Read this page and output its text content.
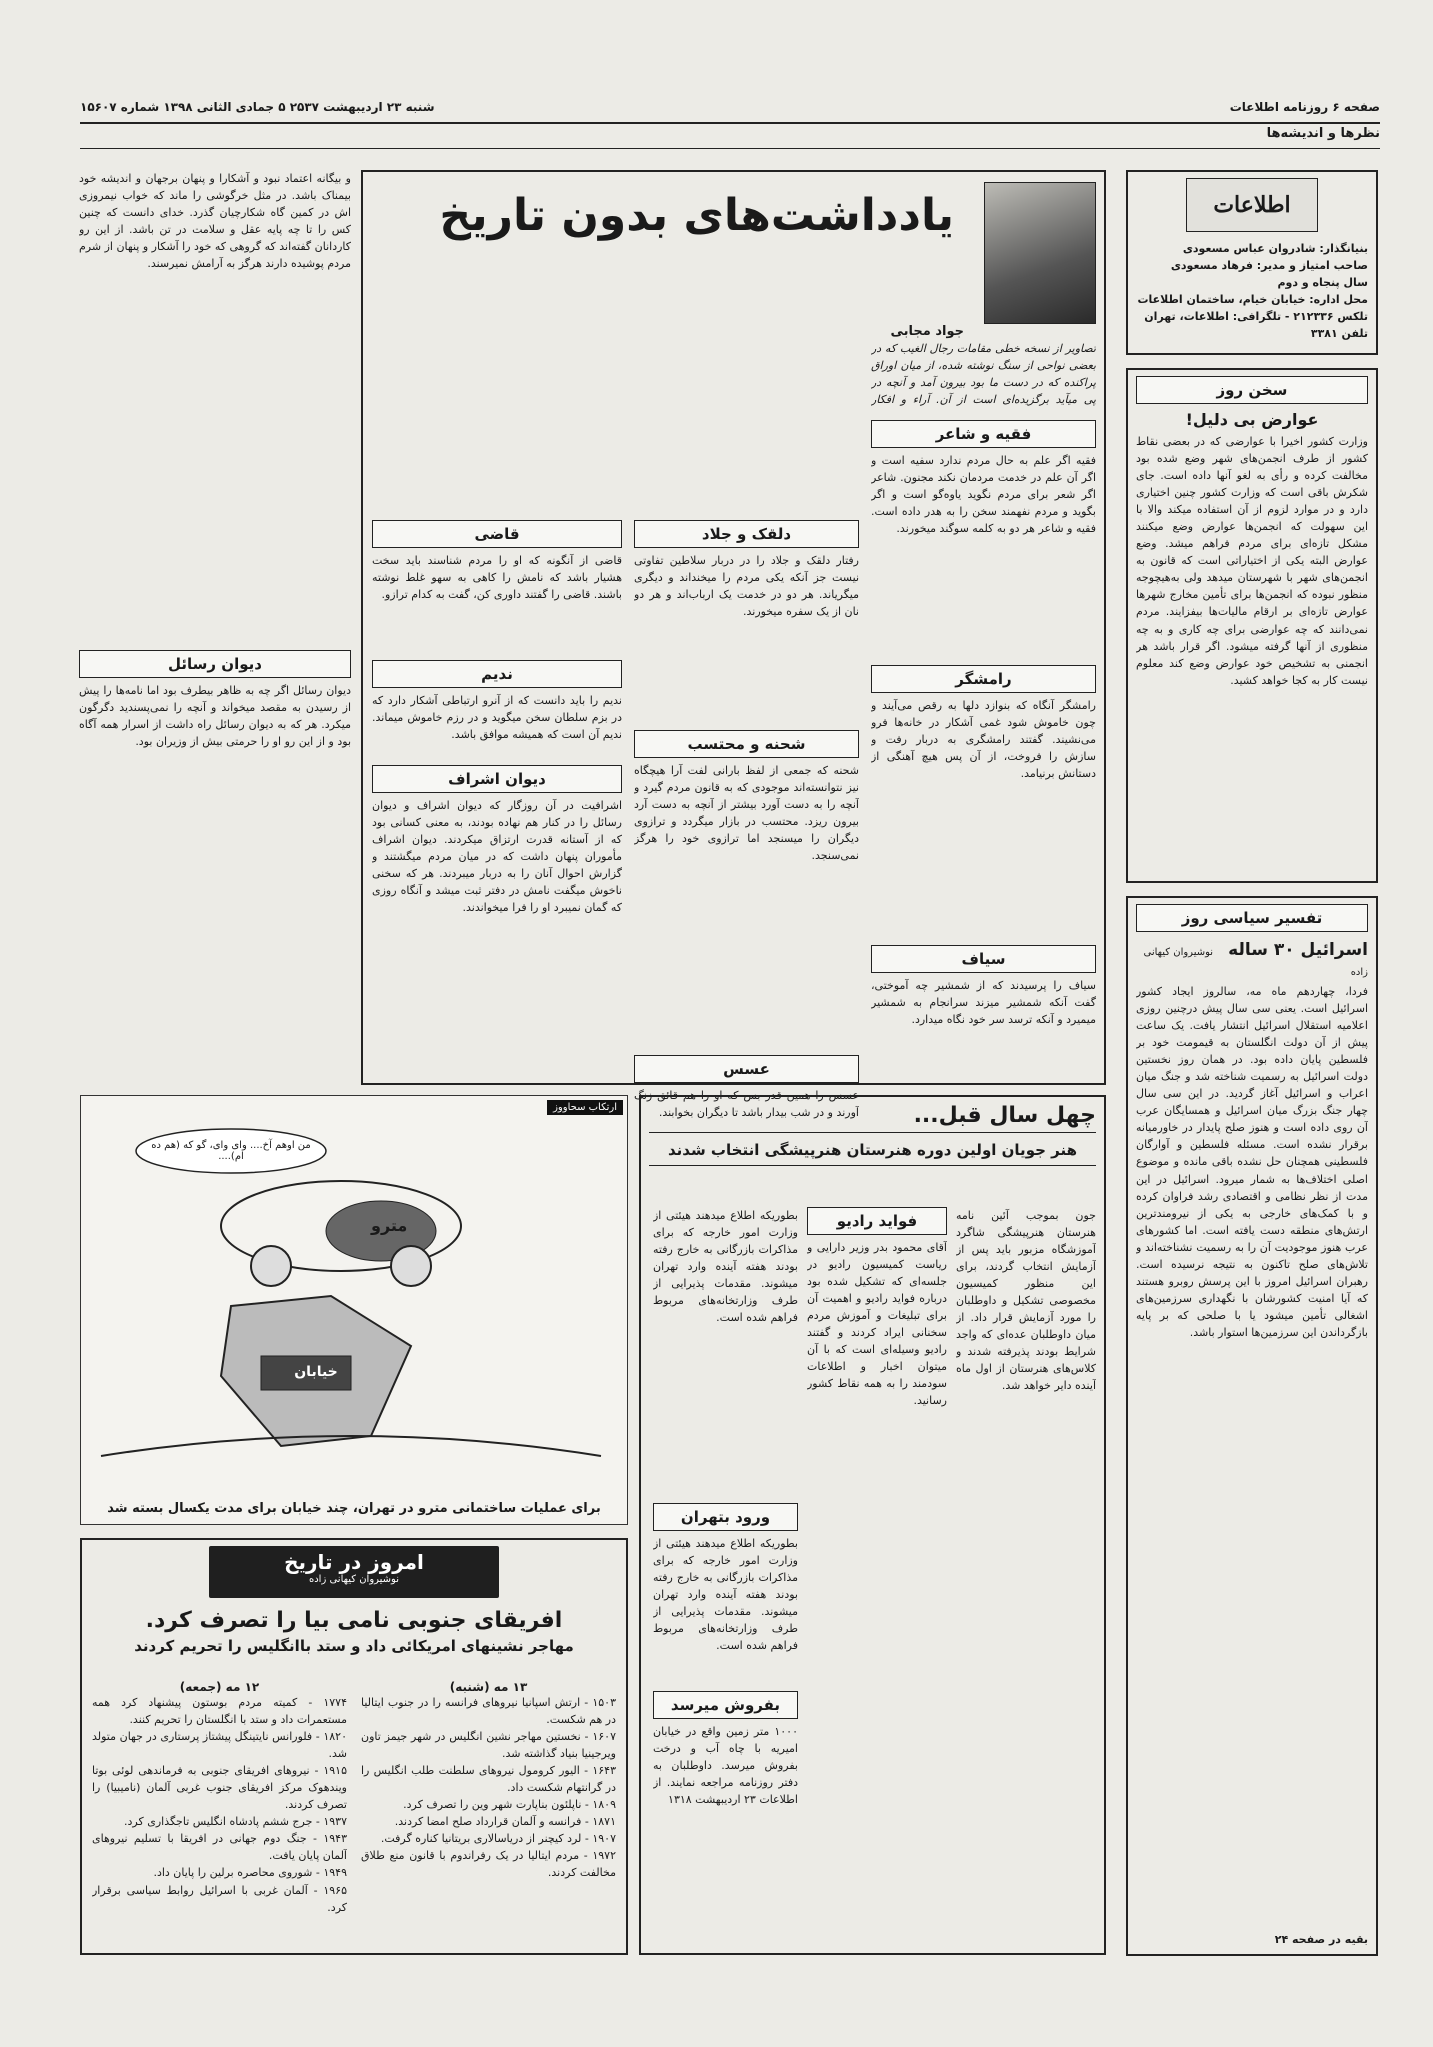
صفحه ۶ روزنامه اطلاعات
شنبه ۲۳ اردیبهشت ۲۵۳۷ ۵ جمادی الثانی ۱۳۹۸ شماره ۱۵۶۰۷
نظرها و اندیشه‌ها
اطلاعات
بنیانگذار: شادروان عباس مسعودی
صاحب امتیاز و مدیر: فرهاد مسعودی
سال پنجاه و دوم
محل اداره: خیابان خیام، ساختمان اطلاعات
تلکس ۲۱۲۳۳۶ - تلگرافی: اطلاعات، تهران
تلفن ۳۳۸۱
سخن روز
عوارض بی دلیل!
وزارت کشور اخیرا با عوارضی که در بعضی نقاط کشور از طرف انجمن‌های شهر وضع شده بود مخالفت کرده و رأی به لغو آنها داده است. جای شکرش باقی است که وزارت کشور چنین اختیاری دارد و در موارد لزوم از آن استفاده میکند والا با این سهولت که انجمن‌ها عوارض وضع میکنند مشکل تازه‌ای برای مردم فراهم میشد. وضع عوارض البته یکی از اختیاراتی است که قانون به انجمن‌های شهر با شهرستان میدهد ولی به‌هیچوجه منظور نبوده که انجمن‌ها برای تأمین مخارج شهرها عوارض تازه‌ای بر ارقام مالیات‌ها بیفزایند. مردم نمی‌دانند که چه عوارضی برای چه کاری و به چه منظوری از آنها گرفته میشود. اگر قرار باشد هر انجمنی به تشخیص خود عوارض وضع کند معلوم نیست کار به کجا خواهد کشید.
تفسیر سیاسی روز
اسرائیل ۳۰ ساله نوشیروان کیهانی زاده
فردا، چهاردهم ماه مه، سالروز ایجاد کشور اسرائیل است. یعنی سی سال پیش درچنین روزی اعلامیه استقلال اسرائیل انتشار یافت. یک ساعت پیش از آن دولت انگلستان به قیمومت خود بر فلسطین پایان داده بود. در همان روز نخستین دولت اسرائیل به رسمیت شناخته شد و جنگ میان اعراب و اسرائیل آغاز گردید. در این سی سال چهار جنگ بزرگ میان اسرائیل و همسایگان عرب آن روی داده است و هنوز صلح پایدار در خاورمیانه برقرار نشده است. مسئله فلسطین و آوارگان فلسطینی همچنان حل نشده باقی مانده و موضوع اصلی اختلاف‌ها به شمار میرود. اسرائیل در این مدت از نظر نظامی و اقتصادی رشد فراوان کرده و با کمک‌های خارجی به یکی از نیرومندترین ارتش‌های منطقه دست یافته است. اما کشورهای عرب هنوز موجودیت آن را به رسمیت نشناخته‌اند و تلاش‌های صلح تاکنون به نتیجه نرسیده است. رهبران اسرائیل امروز با این پرسش روبرو هستند که آیا امنیت کشورشان با نگهداری سرزمین‌های اشغالی تأمین میشود یا با صلحی که بر پایه بازگرداندن این سرزمین‌ها استوار باشد.
بقیه در صفحه ۲۴
یادداشت‌های بدون تاریخ
جواد مجابی
تصاویر از نسخه خطی مقامات رجال الغیب که در بعضی نواحی از سنگ نوشته شده، از میان اوراق پراکنده که در دست ما بود بیرون آمد و آنچه در پی میآید برگزیده‌ای است از آن. آراء و افکار
فقیه و شاعر
فقیه اگر علم به حال مردم ندارد سفیه است و اگر آن علم در خدمت مردمان نکند مجنون. شاعر اگر شعر برای مردم نگوید یاوه‌گو است و اگر بگوید و مردم نفهمند سخن را به هدر داده است. فقیه و شاعر هر دو به کلمه سوگند میخورند.
رامشگر
رامشگر آنگاه که بنوازد دلها به رقص می‌آیند و چون خاموش شود غمی آشکار در خانه‌ها فرو می‌نشیند. گفتند رامشگری به دربار رفت و سازش را فروخت، از آن پس هیچ آهنگی از دستانش برنیامد.
سیاف
سیاف را پرسیدند که از شمشیر چه آموختی، گفت آنکه شمشیر میزند سرانجام به شمشیر میمیرد و آنکه ترسد سر خود نگاه میدارد.
دلقک و جلاد
رفتار دلقک و جلاد را در دربار سلاطین تفاوتی نیست جز آنکه یکی مردم را میخنداند و دیگری میگریاند. هر دو در خدمت یک ارباب‌اند و هر دو نان از یک سفره میخورند.
شحنه و محتسب
شحنه که جمعی از لفظ بارانی لفت آرا هیچگاه نیز نتوانسته‌اند موجودی که به قانون مردم گیرد و آنچه را به دست آورد بیشتر از آنچه به دست آرد بیرون ریزد. محتسب در بازار میگردد و ترازوی دیگران را میسنجد اما ترازوی خود را هرگز نمی‌سنجد.
عسس
عسس را همین قدر بس که او را هم قائق زنگ آورند و در شب بیدار باشد تا دیگران بخوابند.
قاضی
قاضی از آنگونه که او را مردم شناسند باید سخت هشیار باشد که نامش را کاهی به سهو غلط نوشته باشند. قاضی را گفتند داوری کن، گفت به کدام ترازو.
ندیم
ندیم را باید دانست که از آنرو ارتباطی آشکار دارد که در بزم سلطان سخن میگوید و در رزم خاموش میماند. ندیم آن است که همیشه موافق باشد.
دیوان اشراف
اشرافیت در آن روزگار که دیوان اشراف و دیوان رسائل را در کنار هم نهاده بودند، به معنی کسانی بود که از آستانه قدرت ارتزاق میکردند. دیوان اشراف مأموران پنهان داشت که در میان مردم میگشتند و گزارش احوال آنان را به دربار میبردند. هر که سخنی ناخوش میگفت نامش در دفتر ثبت میشد و آنگاه روزی که گمان نمیبرد او را فرا میخواندند.
و بیگانه اعتماد نبود و آشکارا و پنهان برجهان و اندیشه خود بیمناک باشد. در مثل خرگوشی را ماند که خواب نیمروزی اش در کمین گاه شکارچیان گذرد. خدای دانست که چنین کس را تا چه پایه عقل و سلامت در تن باشد. از این رو کاردانان گفته‌اند که گروهی که خود را آشکار و پنهان از شرم مردم پوشیده دارند هرگز به آرامش نمیرسند.
دیوان رسائل
دیوان رسائل اگر چه به ظاهر بیطرف بود اما نامه‌ها را پیش از رسیدن به مقصد میخواند و آنچه را نمی‌پسندید دگرگون میکرد. هر که به دیوان رسائل راه داشت از اسرار همه آگاه بود و از این رو او را حرمتی بیش از وزیران بود.
چهل سال قبل...
هنر جویان اولین دوره هنرستان هنرپیشگی انتخاب شدند
جون بموجب آئین نامه هنرستان هنرپیشگی شاگرد آموزشگاه مزبور باید پس از آزمایش انتخاب گردند، برای این منظور کمیسیون مخصوصی تشکیل و داوطلبان را مورد آزمایش قرار داد. از میان داوطلبان عده‌ای که واجد شرایط بودند پذیرفته شدند و کلاس‌های هنرستان از اول ماه آینده دایر خواهد شد.
فواید رادیو
آقای محمود بدر وزیر دارایی و ریاست کمیسیون رادیو در جلسه‌ای که تشکیل شده بود درباره فواید رادیو و اهمیت آن برای تبلیغات و آموزش مردم سخنانی ایراد کردند و گفتند رادیو وسیله‌ای است که با آن میتوان اخبار و اطلاعات سودمند را به همه نقاط کشور رسانید.
بطوریکه اطلاع میدهند هیئتی از وزارت امور خارجه که برای مذاکرات بازرگانی به خارج رفته بودند هفته آینده وارد تهران میشوند. مقدمات پذیرایی از طرف وزارتخانه‌های مربوط فراهم شده است.
ورود بتهران
بطوریکه اطلاع میدهند هیئتی از وزارت امور خارجه که برای مذاکرات بازرگانی به خارج رفته بودند هفته آینده وارد تهران میشوند. مقدمات پذیرایی از طرف وزارتخانه‌های مربوط فراهم شده است.
بفروش میرسد
۱۰۰۰ متر زمین واقع در خیابان امیریه با چاه آب و درخت بفروش میرسد. داوطلبان به دفتر روزنامه مراجعه نمایند. از اطلاعات ۲۳ اردیبهشت ۱۳۱۸
ارتکاب سحاووز
من اوهم آخ.... وای وای، گو که (هم ده ام)....
مترو
خیابان
برای عملیات ساختمانی مترو در تهران، چند خیابان برای مدت یکسال بسته شد
امروز در تاریخ
نوشیروان کیهانی زاده
افریقای جنوبی نامی بیا را تصرف کرد.
مهاجر نشینهای امریکائی داد و ستد باانگلیس را تحریم کردند
۱۳ مه (شنبه)
۱۵۰۳ - ارتش اسپانیا نیروهای فرانسه را در جنوب ایتالیا در هم شکست.
۱۶۰۷ - نخستین مهاجر نشین انگلیس در شهر جیمز تاون ویرجینیا بنیاد گذاشته شد.
۱۶۴۳ - الیور کرومول نیروهای سلطنت طلب انگلیس را در گرانتهام شکست داد.
۱۸۰۹ - ناپلئون بناپارت شهر وین را تصرف کرد.
۱۸۷۱ - فرانسه و آلمان قرارداد صلح امضا کردند.
۱۹۰۷ - لرد کیچنر از دریاسالاری بریتانیا کناره گرفت.
۱۹۷۲ - مردم ایتالیا در یک رفراندوم با قانون منع طلاق مخالفت کردند.
۱۲ مه (جمعه)
۱۷۷۴ - کمیته مردم بوستون پیشنهاد کرد همه مستعمرات داد و ستد با انگلستان را تحریم کنند.
۱۸۲۰ - فلورانس نایتینگل پیشتاز پرستاری در جهان متولد شد.
۱۹۱۵ - نیروهای افریقای جنوبی به فرماندهی لوئی بوتا ویندهوک مرکز افریقای جنوب غربی آلمان (نامیبیا) را تصرف کردند.
۱۹۳۷ - جرج ششم پادشاه انگلیس تاجگذاری کرد.
۱۹۴۳ - جنگ دوم جهانی در افریقا با تسلیم نیروهای آلمان پایان یافت.
۱۹۴۹ - شوروی محاصره برلین را پایان داد.
۱۹۶۵ - آلمان غربی با اسرائیل روابط سیاسی برقرار کرد.
